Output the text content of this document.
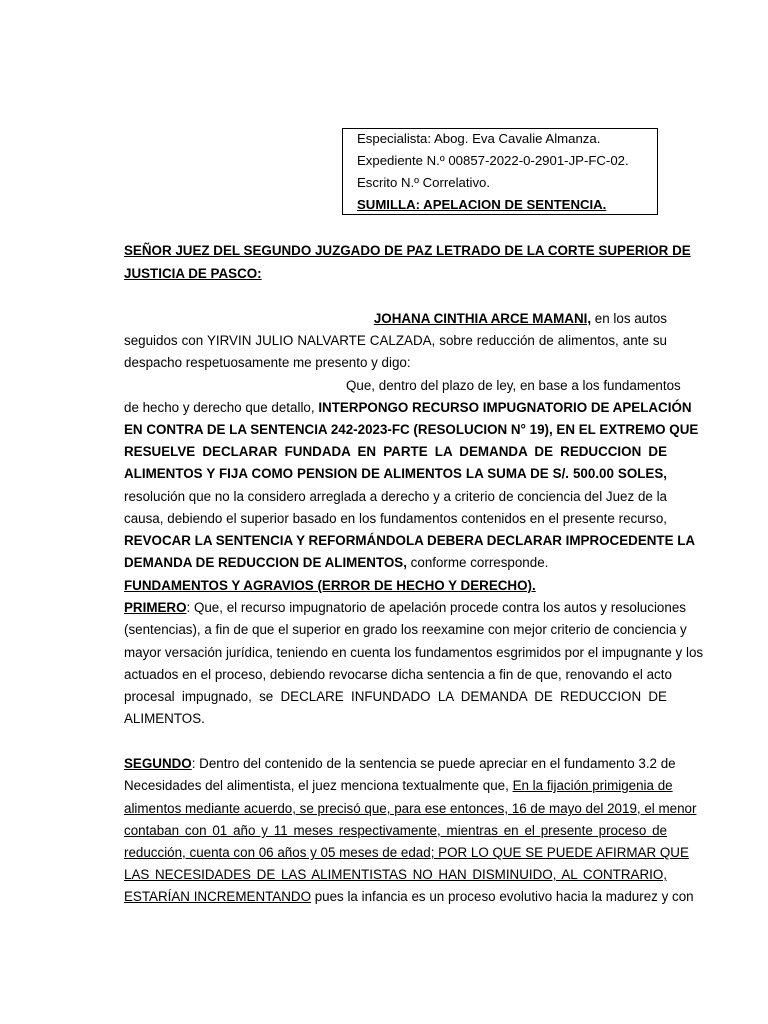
Especialista: Abog. Eva Cavalie Almanza.
Expediente N.º 00857-2022-0-2901-JP-FC-02.
Escrito N.º Correlativo.
SUMILLA: APELACION DE SENTENCIA.
SEÑOR JUEZ DEL SEGUNDO JUZGADO DE PAZ LETRADO DE LA CORTE SUPERIOR DE
JUSTICIA DE PASCO:
JOHANA CINTHIA ARCE MAMANI, en los autos
seguidos con YIRVIN JULIO NALVARTE CALZADA, sobre reducción de alimentos, ante su
despacho respetuosamente me presento y digo:
Que, dentro del plazo de ley, en base a los fundamentos
de hecho y derecho que detallo, INTERPONGO RECURSO IMPUGNATORIO DE APELACIÓN
EN CONTRA DE LA SENTENCIA 242-2023-FC (RESOLUCION N° 19), EN EL EXTREMO QUE
RESUELVE DECLARAR FUNDADA EN PARTE LA DEMANDA DE REDUCCION DE
ALIMENTOS Y FIJA COMO PENSION DE ALIMENTOS LA SUMA DE S/. 500.00 SOLES,
resolución que no la considero arreglada a derecho y a criterio de conciencia del Juez de la
causa, debiendo el superior basado en los fundamentos contenidos en el presente recurso,
REVOCAR LA SENTENCIA Y REFORMÁNDOLA DEBERA DECLARAR IMPROCEDENTE LA
DEMANDA DE REDUCCION DE ALIMENTOS, conforme corresponde.
FUNDAMENTOS Y AGRAVIOS (ERROR DE HECHO Y DERECHO).
PRIMERO: Que, el recurso impugnatorio de apelación procede contra los autos y resoluciones
(sentencias), a fin de que el superior en grado los reexamine con mejor criterio de conciencia y
mayor versación jurídica, teniendo en cuenta los fundamentos esgrimidos por el impugnante y los
actuados en el proceso, debiendo revocarse dicha sentencia a fin de que, renovando el acto
procesal impugnado, se DECLARE INFUNDADO LA DEMANDA DE REDUCCION DE
ALIMENTOS.
SEGUNDO: Dentro del contenido de la sentencia se puede apreciar en el fundamento 3.2 de
Necesidades del alimentista, el juez menciona textualmente que, En la fijación primigenia de
alimentos mediante acuerdo, se precisó que, para ese entonces, 16 de mayo del 2019, el menor
contaban con 01 año y 11 meses respectivamente, mientras en el presente proceso de
reducción, cuenta con 06 años y 05 meses de edad; POR LO QUE SE PUEDE AFIRMAR QUE
LAS NECESIDADES DE LAS ALIMENTISTAS NO HAN DISMINUIDO, AL CONTRARIO,
ESTARÍAN INCREMENTANDO pues la infancia es un proceso evolutivo hacia la madurez y con
